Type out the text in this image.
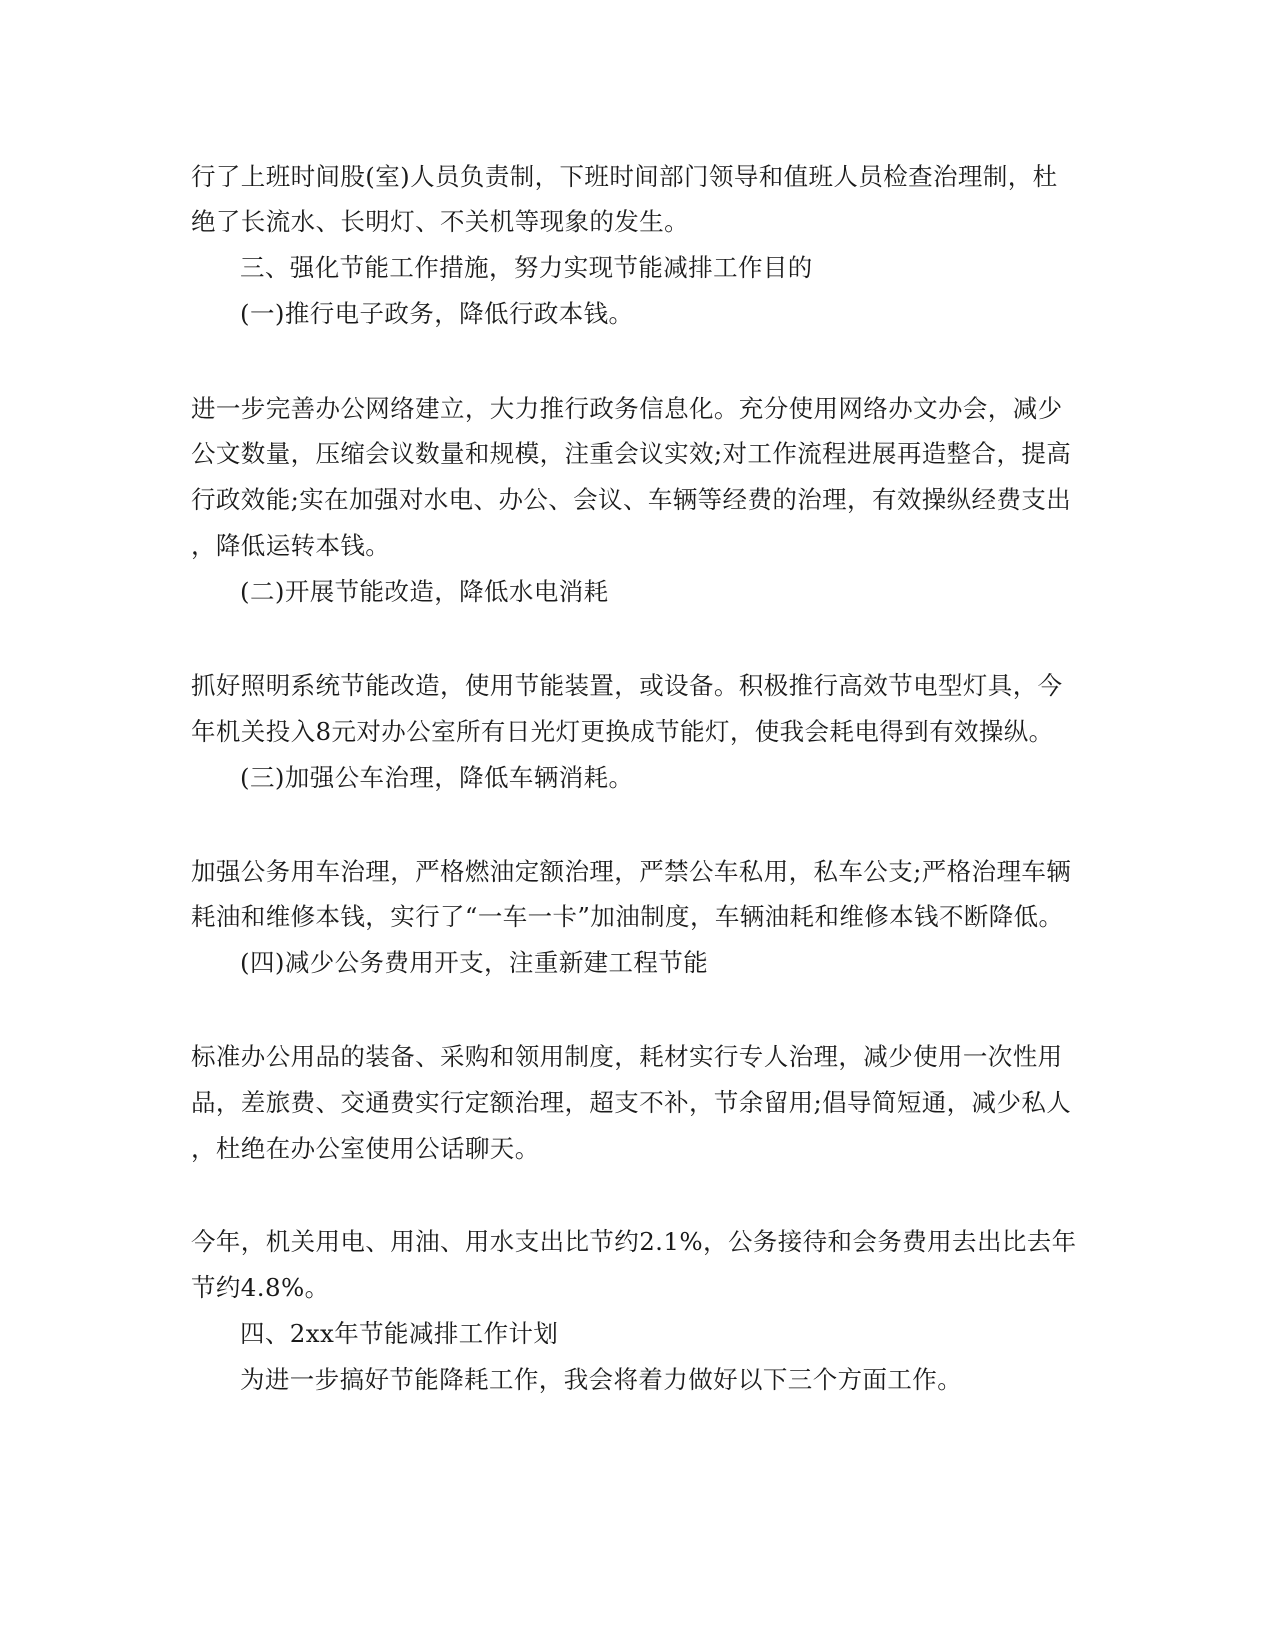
行了上班时间股(室)人员负责制，下班时间部门领导和值班人员检查治理制，杜
绝了长流水、长明灯、不关机等现象的发生。
三、强化节能工作措施，努力实现节能减排工作目的
(一)推行电子政务，降低行政本钱。
进一步完善办公网络建立，大力推行政务信息化。充分使用网络办文办会，减少
公文数量，压缩会议数量和规模，注重会议实效;对工作流程进展再造整合，提高
行政效能;实在加强对水电、办公、会议、车辆等经费的治理，有效操纵经费支出
，降低运转本钱。
(二)开展节能改造，降低水电消耗
抓好照明系统节能改造，使用节能装置，或设备。积极推行高效节电型灯具，今
年机关投入8元对办公室所有日光灯更换成节能灯，使我会耗电得到有效操纵。
(三)加强公车治理，降低车辆消耗。
加强公务用车治理，严格燃油定额治理，严禁公车私用，私车公支;严格治理车辆
耗油和维修本钱，实行了“一车一卡”加油制度，车辆油耗和维修本钱不断降低。
(四)减少公务费用开支，注重新建工程节能
标准办公用品的装备、采购和领用制度，耗材实行专人治理，减少使用一次性用
品，差旅费、交通费实行定额治理，超支不补，节余留用;倡导简短通，减少私人
，杜绝在办公室使用公话聊天。
今年，机关用电、用油、用水支出比节约2.1%，公务接待和会务费用去出比去年
节约4.8%。
四、2xx年节能减排工作计划
为进一步搞好节能降耗工作，我会将着力做好以下三个方面工作。
